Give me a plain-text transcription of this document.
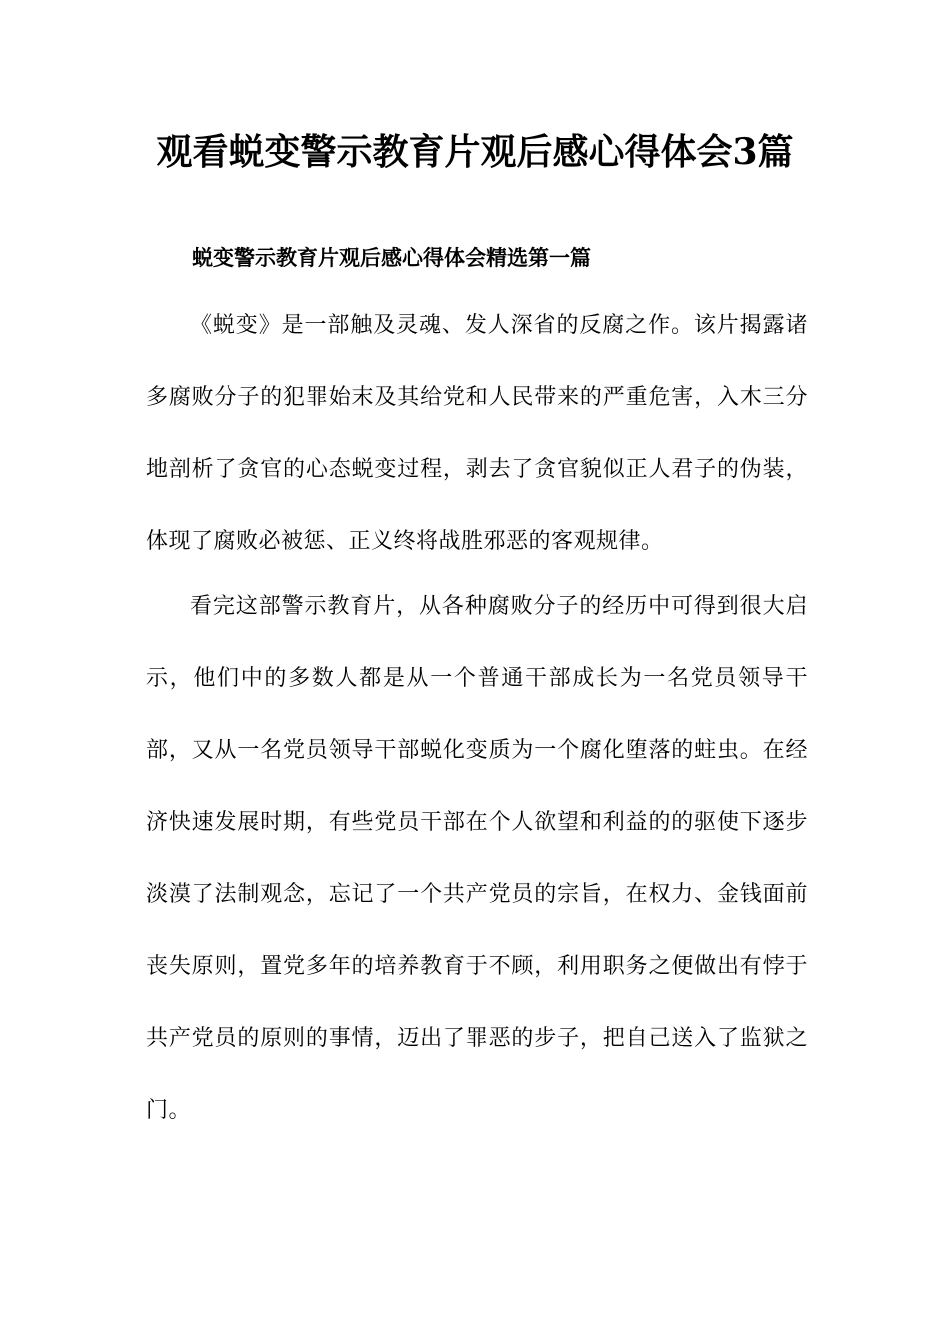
观看蜕变警示教育片观后感心得体会3篇
蜕变警示教育片观后感心得体会精选第一篇

《蜕变》是一部触及灵魂、发人深省的反腐之作。该片揭露诸多腐败分子的犯罪始末及其给党和人民带来的严重危害，入木三分地剖析了贪官的心态蜕变过程，剥去了贪官貌似正人君子的伪装，体现了腐败必被惩、正义终将战胜邪恶的客观规律。

看完这部警示教育片，从各种腐败分子的经历中可得到很大启示，他们中的多数人都是从一个普通干部成长为一名党员领导干部，又从一名党员领导干部蜕化变质为一个腐化堕落的蛀虫。在经济快速发展时期，有些党员干部在个人欲望和利益的的驱使下逐步淡漠了法制观念，忘记了一个共产党员的宗旨，在权力、金钱面前丧失原则，置党多年的培养教育于不顾，利用职务之便做出有悖于共产党员的原则的事情，迈出了罪恶的步子，把自己送入了监狱之门。
